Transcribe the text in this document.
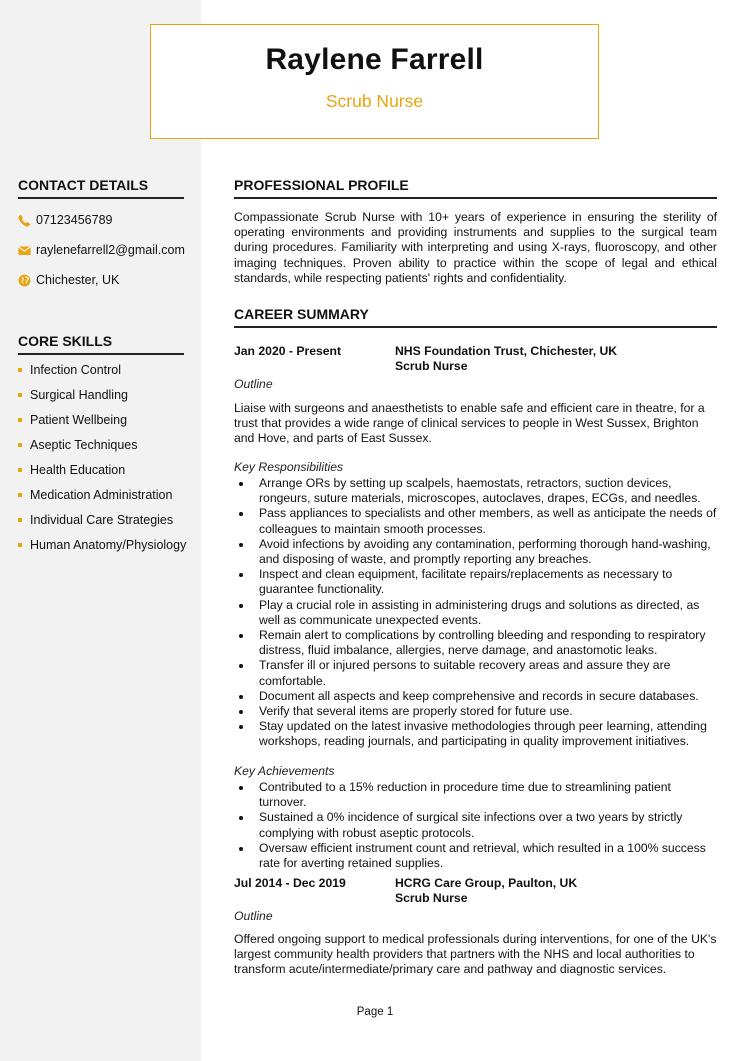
Raylene Farrell
Scrub Nurse
CONTACT DETAILS
07123456789
raylenefarrell2@gmail.com
Chichester, UK
CORE SKILLS
Infection Control
Surgical Handling
Patient Wellbeing
Aseptic Techniques
Health Education
Medication Administration
Individual Care Strategies
Human Anatomy/Physiology
PROFESSIONAL PROFILE
Compassionate Scrub Nurse with 10+ years of experience in ensuring the sterility of operating environments and providing instruments and supplies to the surgical team during procedures. Familiarity with interpreting and using X-rays, fluoroscopy, and other imaging techniques. Proven ability to practice within the scope of legal and ethical standards, while respecting patients' rights and confidentiality.
CAREER SUMMARY
Jan 2020 - Present	NHS Foundation Trust, Chichester, UK
Scrub Nurse
Outline
Liaise with surgeons and anaesthetists to enable safe and efficient care in theatre, for a trust that provides a wide range of clinical services to people in West Sussex, Brighton and Hove, and parts of East Sussex.
Key Responsibilities
Arrange ORs by setting up scalpels, haemostats, retractors, suction devices, rongeurs, suture materials, microscopes, autoclaves, drapes, ECGs, and needles.
Pass appliances to specialists and other members, as well as anticipate the needs of colleagues to maintain smooth processes.
Avoid infections by avoiding any contamination, performing thorough hand-washing, and disposing of waste, and promptly reporting any breaches.
Inspect and clean equipment, facilitate repairs/replacements as necessary to guarantee functionality.
Play a crucial role in assisting in administering drugs and solutions as directed, as well as communicate unexpected events.
Remain alert to complications by controlling bleeding and responding to respiratory distress, fluid imbalance, allergies, nerve damage, and anastomotic leaks.
Transfer ill or injured persons to suitable recovery areas and assure they are comfortable.
Document all aspects and keep comprehensive and records in secure databases.
Verify that several items are properly stored for future use.
Stay updated on the latest invasive methodologies through peer learning, attending workshops, reading journals, and participating in quality improvement initiatives.
Key Achievements
Contributed to a 15% reduction in procedure time due to streamlining patient turnover.
Sustained a 0% incidence of surgical site infections over a two years by strictly complying with robust aseptic protocols.
Oversaw efficient instrument count and retrieval, which resulted in a 100% success rate for averting retained supplies.
Jul 2014 - Dec 2019	HCRG Care Group, Paulton, UK
Scrub Nurse
Outline
Offered ongoing support to medical professionals during interventions, for one of the UK's largest community health providers that partners with the NHS and local authorities to transform acute/intermediate/primary care and pathway and diagnostic services.
Page 1
